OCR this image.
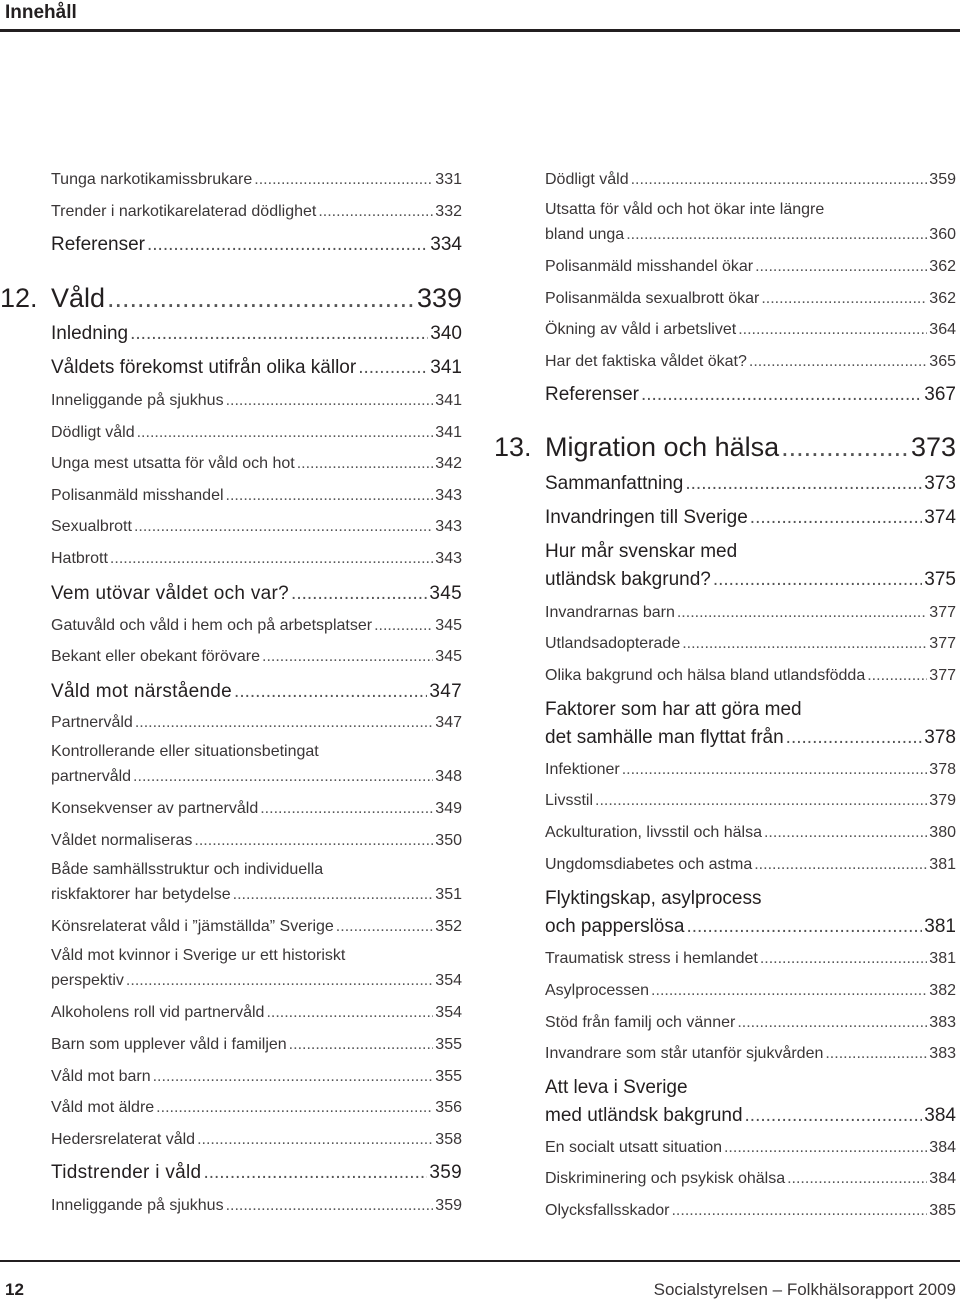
Innehåll
Tunga narkotikamissbrukare .....	331
Trender i narkotikarelaterad dödlighet .....	332
Referenser .....	334
12. Våld .....	339
Inledning .....	340
Våldets förekomst utifrån olika källor .....	341
Inneliggande på sjukhus .....	341
Dödligt våld .....	341
Unga mest utsatta för våld och hot .....	342
Polisanmäld misshandel .....	343
Sexualbrott .....	343
Hatbrott .....	343
Vem utövar våldet och var? .....	345
Gatuvåld och våld i hem och på arbetsplatser .....	345
Bekant eller obekant förövare .....	345
Våld mot närstående .....	347
Partnervåld .....	347
Kontrollerande eller situationsbetingat
partnervåld .....	348
Konsekvenser av partnervåld .....	349
Våldet normaliseras .....	350
Både samhällsstruktur och individuella
riskfaktorer har betydelse .....	351
Könsrelaterat våld i ”jämställda” Sverige .....	352
Våld mot kvinnor i Sverige ur ett historiskt
perspektiv .....	354
Alkoholens roll vid partnervåld .....	354
Barn som upplever våld i familjen .....	355
Våld mot barn .....	355
Våld mot äldre .....	356
Hedersrelaterat våld .....	358
Tidstrender i våld .....	359
Inneliggande på sjukhus .....	359
Dödligt våld .....	359
Utsatta för våld och hot ökar inte längre
bland unga .....	360
Polisanmäld misshandel ökar .....	362
Polisanmälda sexualbrott ökar .....	362
Ökning av våld i arbetslivet .....	364
Har det faktiska våldet ökat? .....	365
Referenser .....	367
13. Migration och hälsa .....	373
Sammanfattning .....	373
Invandringen till Sverige .....	374
Hur mår svenskar med
utländsk bakgrund? .....	375
Invandrarnas barn .....	377
Utlandsadopterade .....	377
Olika bakgrund och hälsa bland utlandsfödda .....	377
Faktorer som har att göra med
det samhälle man flyttat från .....	378
Infektioner .....	378
Livsstil .....	379
Ackulturation, livsstil och hälsa .....	380
Ungdomsdiabetes och astma .....	381
Flyktingskap, asylprocess
och papperslösa .....	381
Traumatisk stress i hemlandet .....	381
Asylprocessen .....	382
Stöd från familj och vänner .....	383
Invandrare som står utanför sjukvården .....	383
Att leva i Sverige
med utländsk bakgrund .....	384
En socialt utsatt situation .....	384
Diskriminering och psykisk ohälsa .....	384
Olycksfallsskador .....	385
12	Socialstyrelsen – Folkhälsorapport 2009
